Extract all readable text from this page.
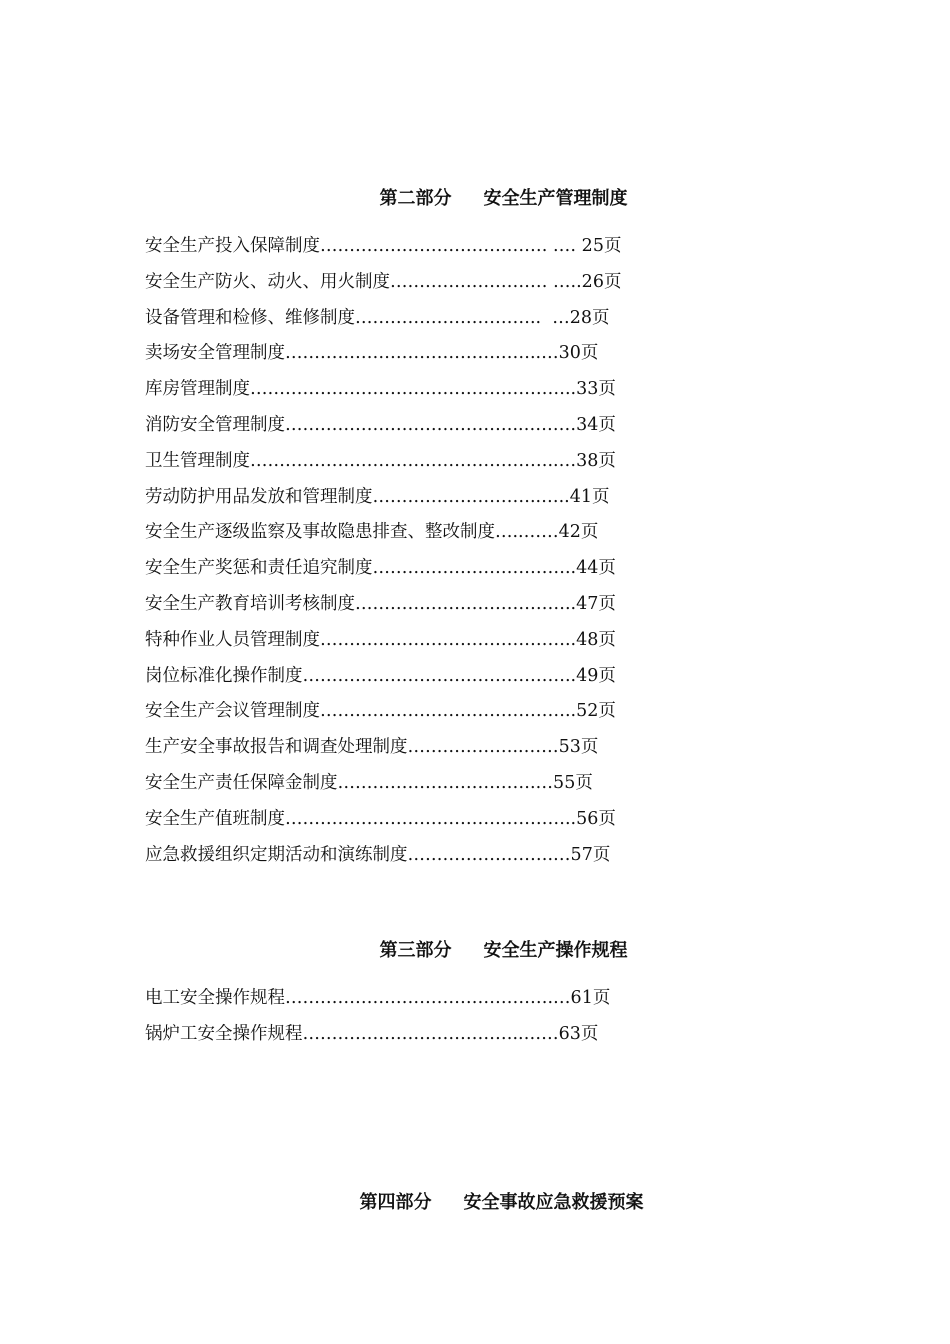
第二部分 安全生产管理制度

安全生产投入保障制度………………………………… .… 25页
安全生产防火、动火、用火制度……………………… …..26页
设备管理和检修、维修制度…………………………..  …28页
卖场安全管理制度……………………………………..…30页
库房管理制度………………………………………………..33页
消防安全管理制度…………………………………..………34页
卫生管理制度……………………………………………..…38页
劳动防护用品发放和管理制度………………………..…..41页
安全生产逐级监察及事故隐患排查、整改制度…..……42页
安全生产奖惩和责任追究制度……………………………..44页
安全生产教育培训考核制度………………………………..47页
特种作业人员管理制度……………………………………..48页
岗位标准化操作制度………………………………………..49页
安全生产会议管理制度……………………………………..52页
生产安全事故报告和调查处理制度………………..……53页
安全生产责任保障金制度…………………………….…55页
安全生产值班制度…………………………………………..56页
应急救援组织定期活动和演练制度…………………….…57页

第三部分 安全生产操作规程

电工安全操作规程……………………………………….…61页
锅炉工安全操作规程………………………………..……63页

第四部分 安全事故应急救援预案
